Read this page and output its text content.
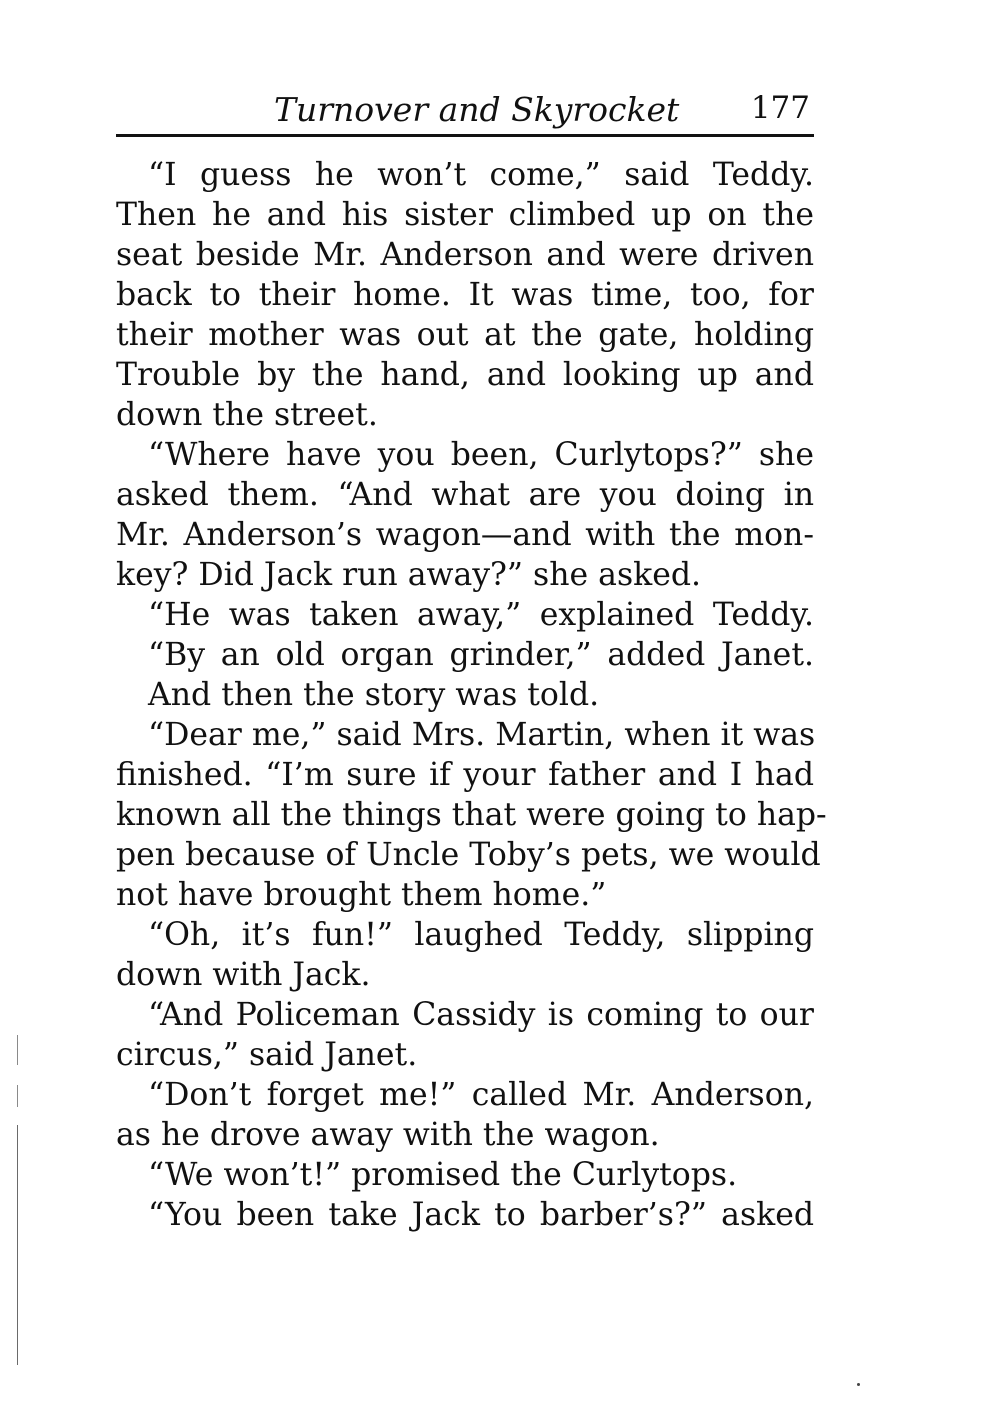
Turnover and Skyrocket 177
“I guess he won’t come,” said Teddy.
Then he and his sister climbed up on the
seat beside Mr. Anderson and were driven
back to their home. It was time, too, for
their mother was out at the gate, holding
Trouble by the hand, and looking up and
down the street.
“Where have you been, Curlytops?” she
asked them. “And what are you doing in
Mr. Anderson’s wagon—and with the mon-
key? Did Jack run away?” she asked.
“He was taken away,” explained Teddy.
“By an old organ grinder,” added Janet.
And then the story was told.
“Dear me,” said Mrs. Martin, when it was
finished. “I’m sure if your father and I had
known all the things that were going to hap-
pen because of Uncle Toby’s pets, we would
not have brought them home.”
“Oh, it’s fun!” laughed Teddy, slipping
down with Jack.
“And Policeman Cassidy is coming to our
circus,” said Janet.
“Don’t forget me!” called Mr. Anderson,
as he drove away with the wagon.
“We won’t!” promised the Curlytops.
“You been take Jack to barber’s?” asked
